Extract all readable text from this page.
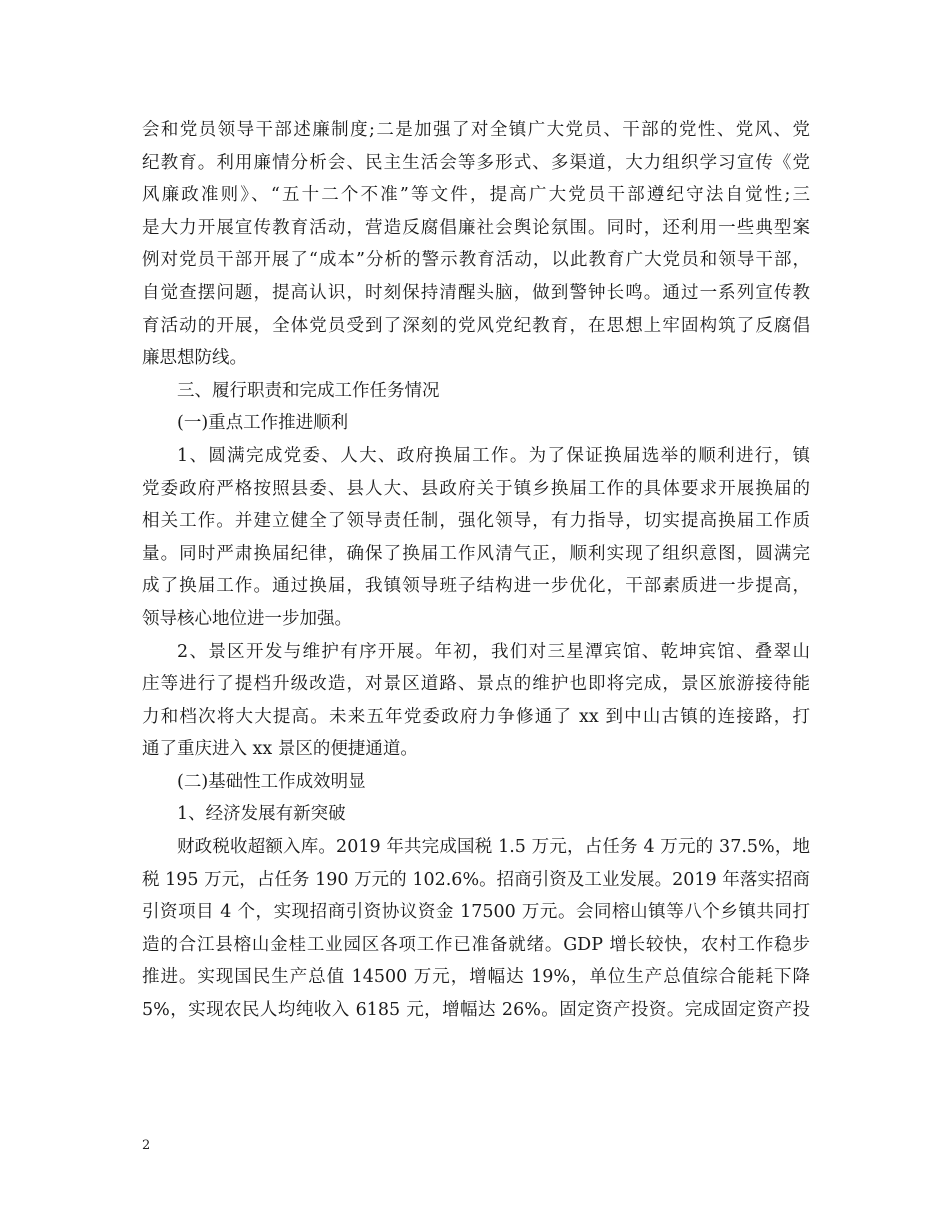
会和党员领导干部述廉制度;二是加强了对全镇广大党员、干部的党性、党风、党
纪教育。利用廉情分析会、民主生活会等多形式、多渠道，大力组织学习宣传《党
风廉政准则》、“五十二个不准”等文件，提高广大党员干部遵纪守法自觉性;三
是大力开展宣传教育活动，营造反腐倡廉社会舆论氛围。同时，还利用一些典型案
例对党员干部开展了“成本”分析的警示教育活动，以此教育广大党员和领导干部，
自觉查摆问题，提高认识，时刻保持清醒头脑，做到警钟长鸣。通过一系列宣传教
育活动的开展，全体党员受到了深刻的党风党纪教育，在思想上牢固构筑了反腐倡
廉思想防线。
三、履行职责和完成工作任务情况
(一)重点工作推进顺利
1、圆满完成党委、人大、政府换届工作。为了保证换届选举的顺利进行，镇
党委政府严格按照县委、县人大、县政府关于镇乡换届工作的具体要求开展换届的
相关工作。并建立健全了领导责任制，强化领导，有力指导，切实提高换届工作质
量。同时严肃换届纪律，确保了换届工作风清气正，顺利实现了组织意图，圆满完
成了换届工作。通过换届，我镇领导班子结构进一步优化，干部素质进一步提高，
领导核心地位进一步加强。
2、景区开发与维护有序开展。年初，我们对三星潭宾馆、乾坤宾馆、叠翠山
庄等进行了提档升级改造，对景区道路、景点的维护也即将完成，景区旅游接待能
力和档次将大大提高。未来五年党委政府力争修通了 xx 到中山古镇的连接路，打
通了重庆进入 xx 景区的便捷通道。
(二)基础性工作成效明显
1、经济发展有新突破
财政税收超额入库。2019 年共完成国税 1.5 万元，占任务 4 万元的 37.5%，地
税 195 万元，占任务 190 万元的 102.6%。招商引资及工业发展。2019 年落实招商
引资项目 4 个，实现招商引资协议资金 17500 万元。会同榕山镇等八个乡镇共同打
造的合江县榕山金桂工业园区各项工作已准备就绪。GDP 增长较快，农村工作稳步
推进。实现国民生产总值 14500 万元，增幅达 19%，单位生产总值综合能耗下降
5%，实现农民人均纯收入 6185 元，增幅达 26%。固定资产投资。完成固定资产投
2
